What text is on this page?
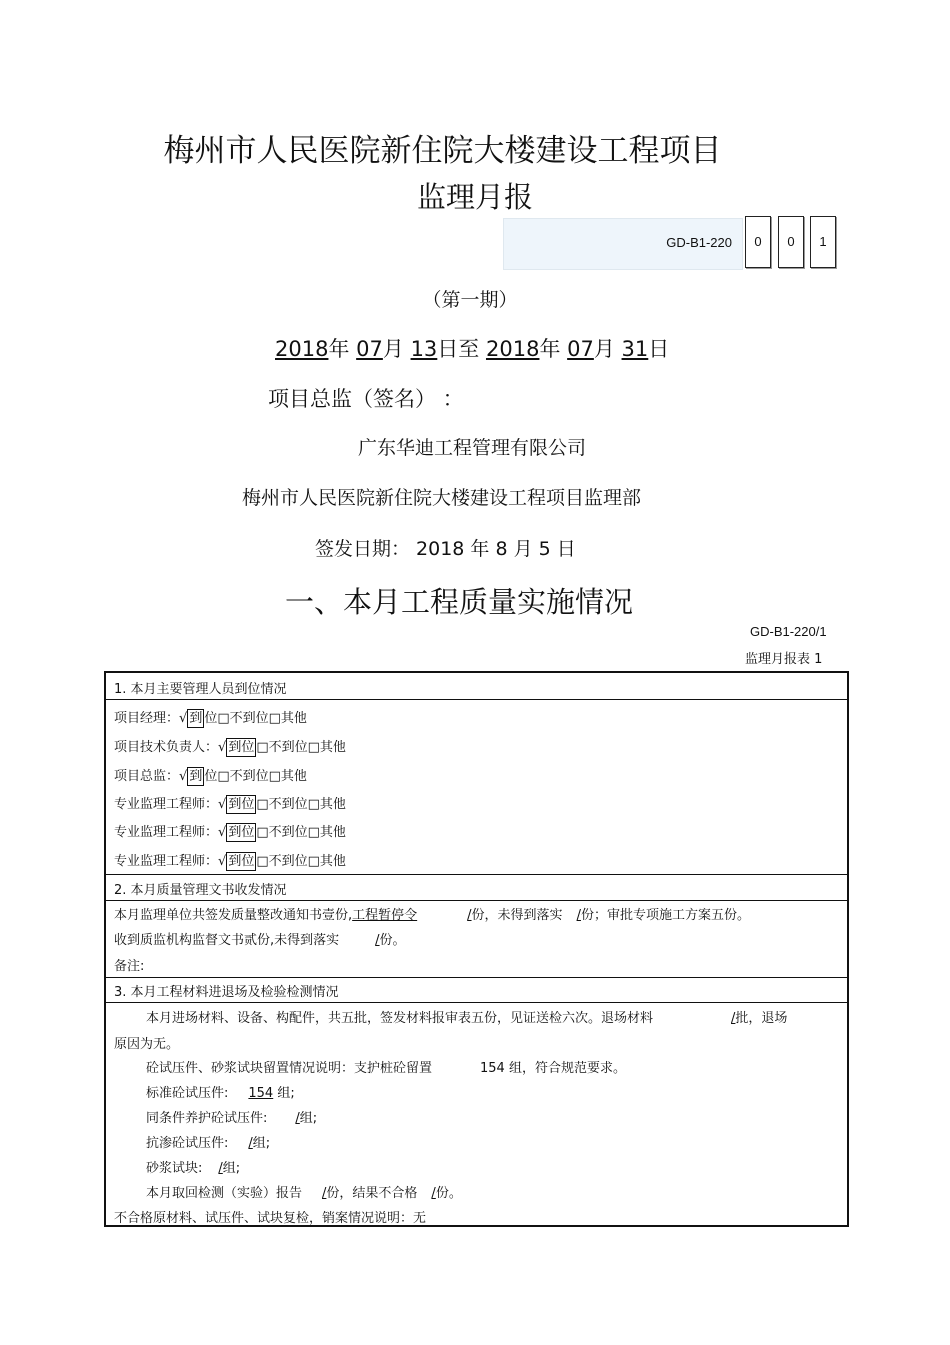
梅州市人民医院新住院大楼建设工程项目
监理月报
GD-B1-220	0	0	1
（第一期）
2018年 07月 13日至 2018年 07月 31日
项目总监（签名） ：
广东华迪工程管理有限公司
梅州市人民医院新住院大楼建设工程项目监理部
签发日期： 2018 年 8 月 5 日
一、本月工程质量实施情况
GD-B1-220/1
监理月报表 1
1. 本月主要管理人员到位情况
项目经理：√ 到 位□不到位□其他
项目技术负责人：√ 到位 □不到位□其他
项目总监：√ 到 位□不到位□其他
专业监理工程师：√ 到位 □不到位□其他
专业监理工程师：√ 到位 □不到位□其他
专业监理工程师：√ 到位 □不到位□其他
2. 本月质量管理文书收发情况
本月监理单位共签发质量整改通知书壹份,工程暂停令	/份，未得到落实 /份；审批专项施工方案五份。
收到质监机构监督文书贰份,未得到落实	/份。
备注:
3. 本月工程材料进退场及检验检测情况
本月进场材料、设备、构配件，共五批，签发材料报审表五份，见证送检六次。退场材料	/批，退场
原因为无。
砼试压件、砂浆试块留置情况说明：支护桩砼留置	154 组，符合规范要求。
标准砼试压件: 154 组;
同条件养护砼试压件: /组;
抗渗砼试压件: /组;
砂浆试块: /组;
本月取回检测（实验）报告 /份，结果不合格 /份。
不合格原材料、试压件、试块复检，销案情况说明：无
